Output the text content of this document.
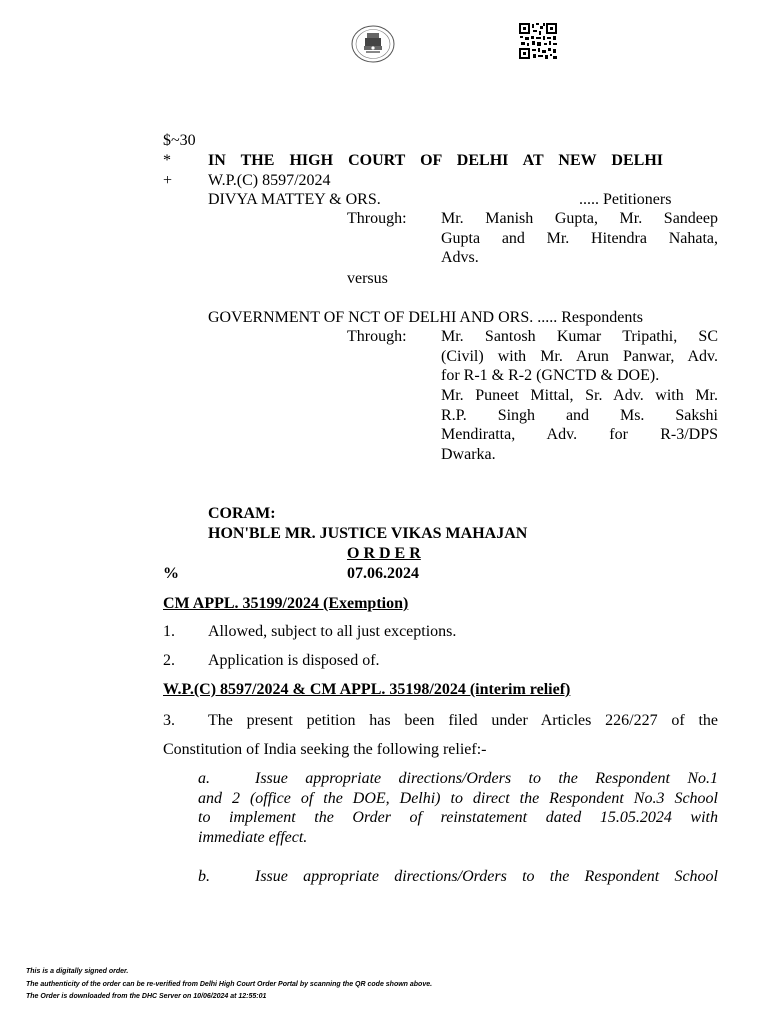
$~30
* IN THE HIGH COURT OF DELHI AT NEW DELHI
+ W.P.(C) 8597/2024
DIVYA MATTEY & ORS.	..... Petitioners
Through: Mr. Manish Gupta, Mr. Sandeep
Gupta and Mr. Hitendra Nahata,
Advs.
versus
GOVERNMENT OF NCT OF DELHI AND ORS. ..... Respondents
Through: Mr. Santosh Kumar Tripathi, SC
(Civil) with Mr. Arun Panwar, Adv.
for R-1 & R-2 (GNCTD & DOE).
Mr. Puneet Mittal, Sr. Adv. with Mr.
R.P. Singh and Ms. Sakshi
Mendiratta, Adv. for R-3/DPS
Dwarka.
CORAM:
HON'BLE MR. JUSTICE VIKAS MAHAJAN
O R D E R
%	07.06.2024
CM APPL. 35199/2024 (Exemption)
1. Allowed, subject to all just exceptions.
2. Application is disposed of.
W.P.(C) 8597/2024 & CM APPL. 35198/2024 (interim relief)
3. The present petition has been filed under Articles 226/227 of the
Constitution of India seeking the following relief:-
a.	Issue appropriate directions/Orders to the Respondent No.1
and 2 (office of the DOE, Delhi) to direct the Respondent No.3 School
to implement the Order of reinstatement dated 15.05.2024 with
immediate effect.
b.	Issue appropriate directions/Orders to the Respondent School
This is a digitally signed order.
The authenticity of the order can be re-verified from Delhi High Court Order Portal by scanning the QR code shown above.
The Order is downloaded from the DHC Server on 10/06/2024 at 12:55:01
